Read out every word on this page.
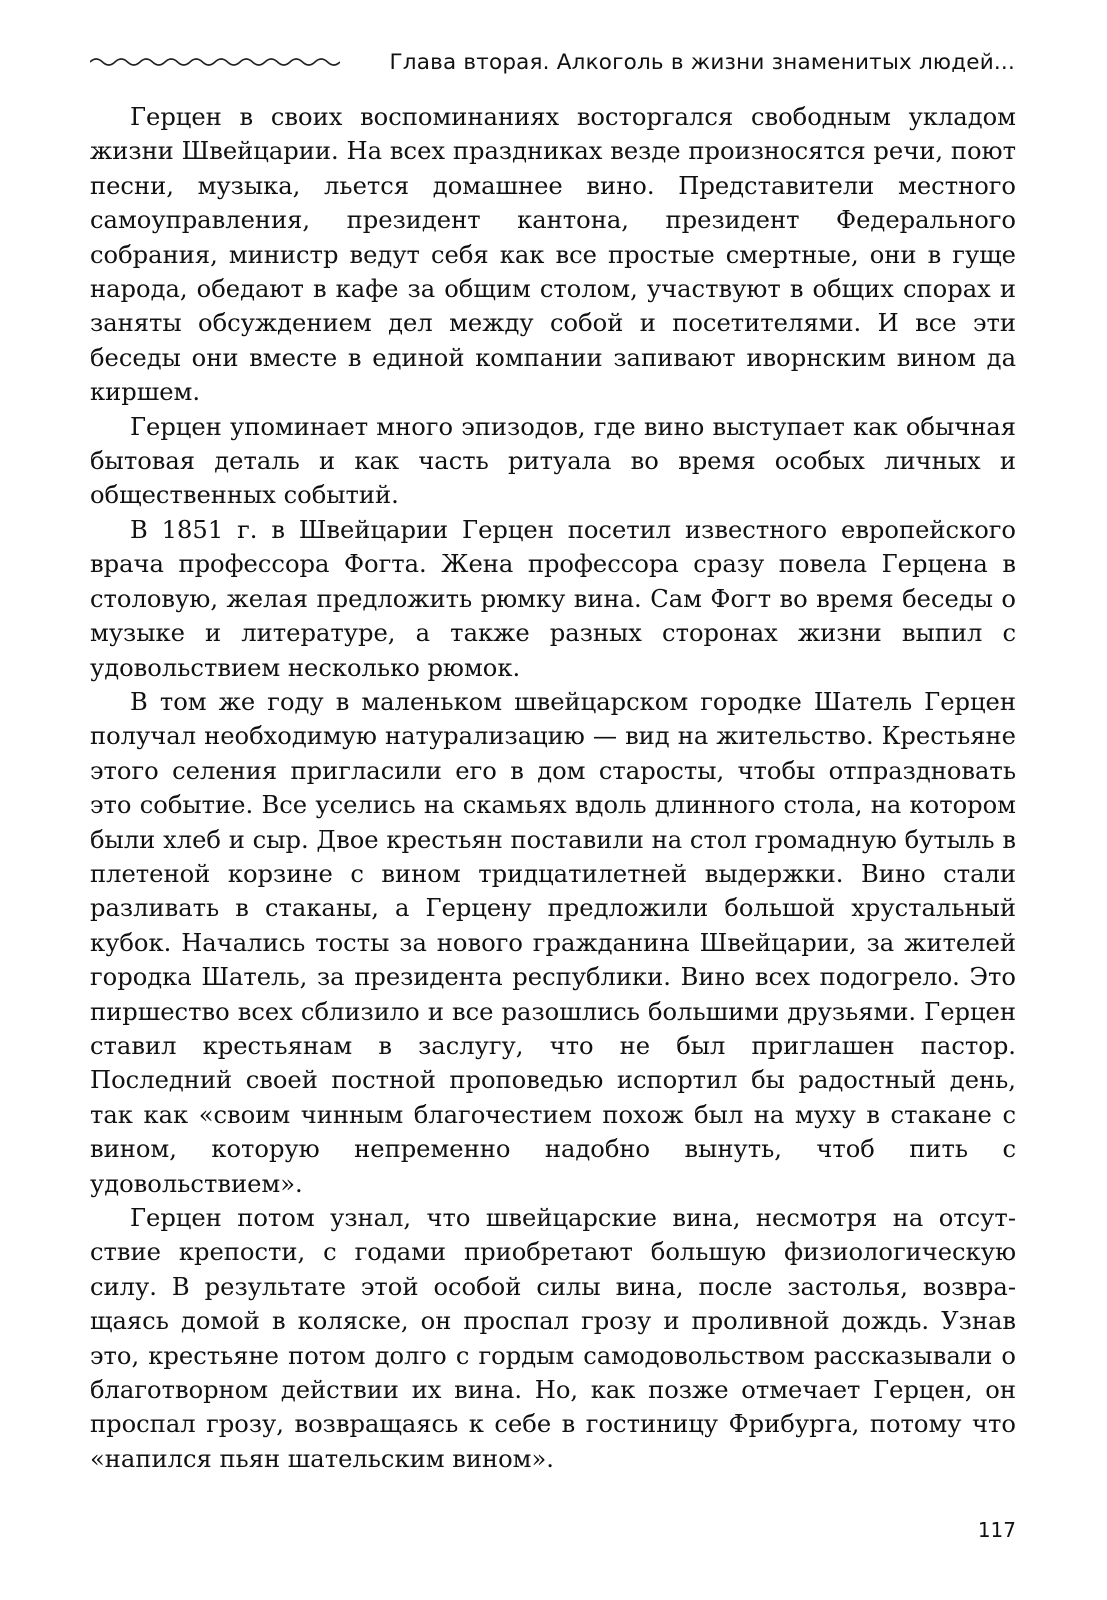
Глава вторая. Алкоголь в жизни знаменитых людей...

Герцен в своих воспоминаниях восторгался свободным укладом жизни Швейцарии. На всех праздниках везде произносятся речи, поют песни, музыка, льется домашнее вино. Представители местного самоуправления, президент кантона, президент Федерального собрания, министр ведут себя как все простые смертные, они в гуще народа, обедают в кафе за общим столом, участвуют в общих спорах и заняты обсуждением дел между собой и посетителями. И все эти беседы они вместе в единой компании запивают иворнским вином да киршем.

Герцен упоминает много эпизодов, где вино выступает как обычная бытовая деталь и как часть ритуала во время особых личных и общественных событий.

В 1851 г. в Швейцарии Герцен посетил известного европейского врача профессора Фогта. Жена профессора сразу повела Герцена в столовую, желая предложить рюмку вина. Сам Фогт во время беседы о музыке и литературе, а также разных сторонах жизни выпил с удовольствием несколько рюмок.

В том же году в маленьком швейцарском городке Шатель Герцен получал необходимую натурализацию — вид на жительство. Крестьяне этого селения пригласили его в дом старосты, чтобы отпраздновать это событие. Все уселись на скамьях вдоль длинного стола, на котором были хлеб и сыр. Двое крестьян поставили на стол громадную бутыль в плетеной корзине с вином тридцатилетней выдержки. Вино стали разливать в стаканы, а Герцену предложили большой хрустальный кубок. Начались тосты за нового гражданина Швейцарии, за жителей городка Шатель, за президента республики. Вино всех подогрело. Это пиршество всех сблизило и все разошлись большими друзьями. Герцен ставил крестьянам в заслугу, что не был приглашен пастор. Последний своей постной проповедью испортил бы радостный день, так как «своим чинным благочестием похож был на муху в стакане с вином, которую непременно надобно вынуть, чтоб пить с удовольствием».

Герцен потом узнал, что швейцарские вина, несмотря на отсутствие крепости, с годами приобретают большую физиологическую силу. В результате этой особой силы вина, после застолья, возвращаясь домой в коляске, он проспал грозу и проливной дождь. Узнав это, крестьяне потом долго с гордым самодовольством рассказывали о благотворном действии их вина. Но, как позже отмечает Герцен, он проспал грозу, возвращаясь к себе в гостиницу Фрибурга, потому что «напился пьян шательским вином».

117
